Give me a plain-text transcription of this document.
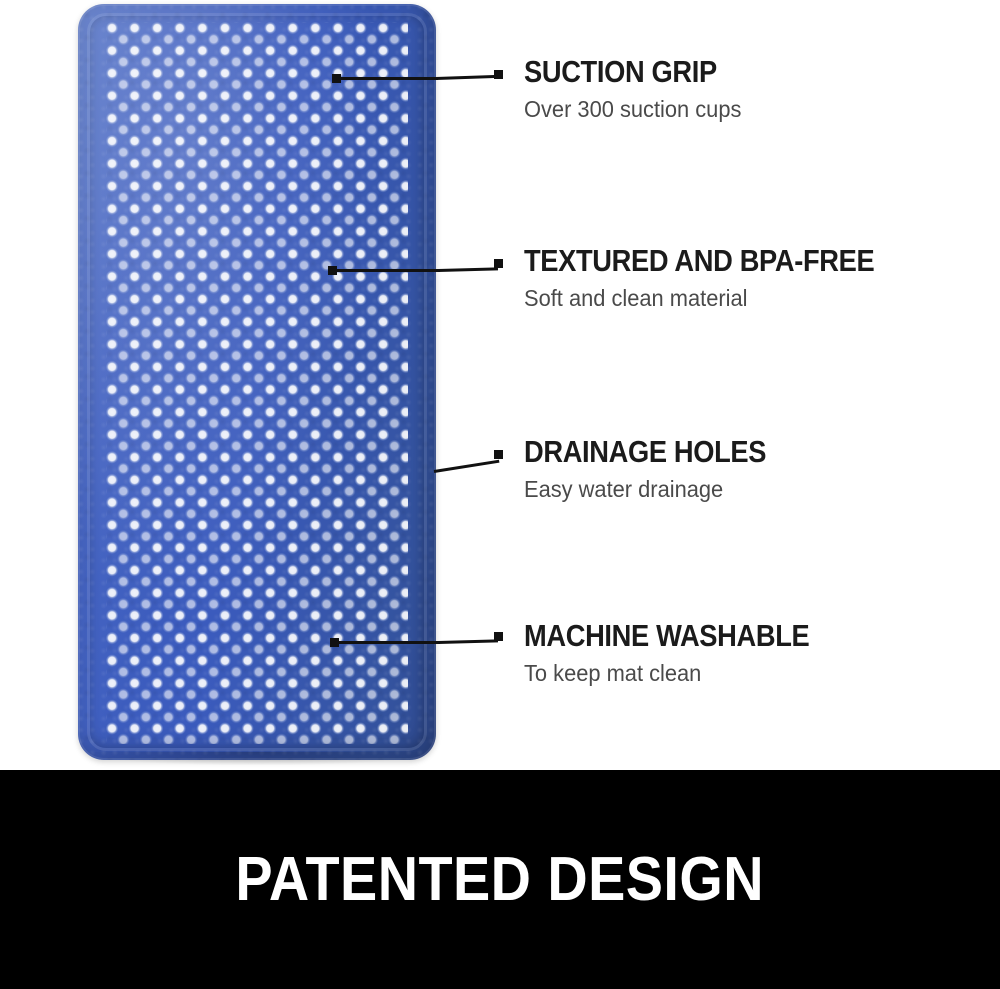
SUCTION GRIP
Over 300 suction cups
TEXTURED AND BPA-FREE
Soft and clean material
DRAINAGE HOLES
Easy water drainage
MACHINE WASHABLE
To keep mat clean
PATENTED DESIGN
